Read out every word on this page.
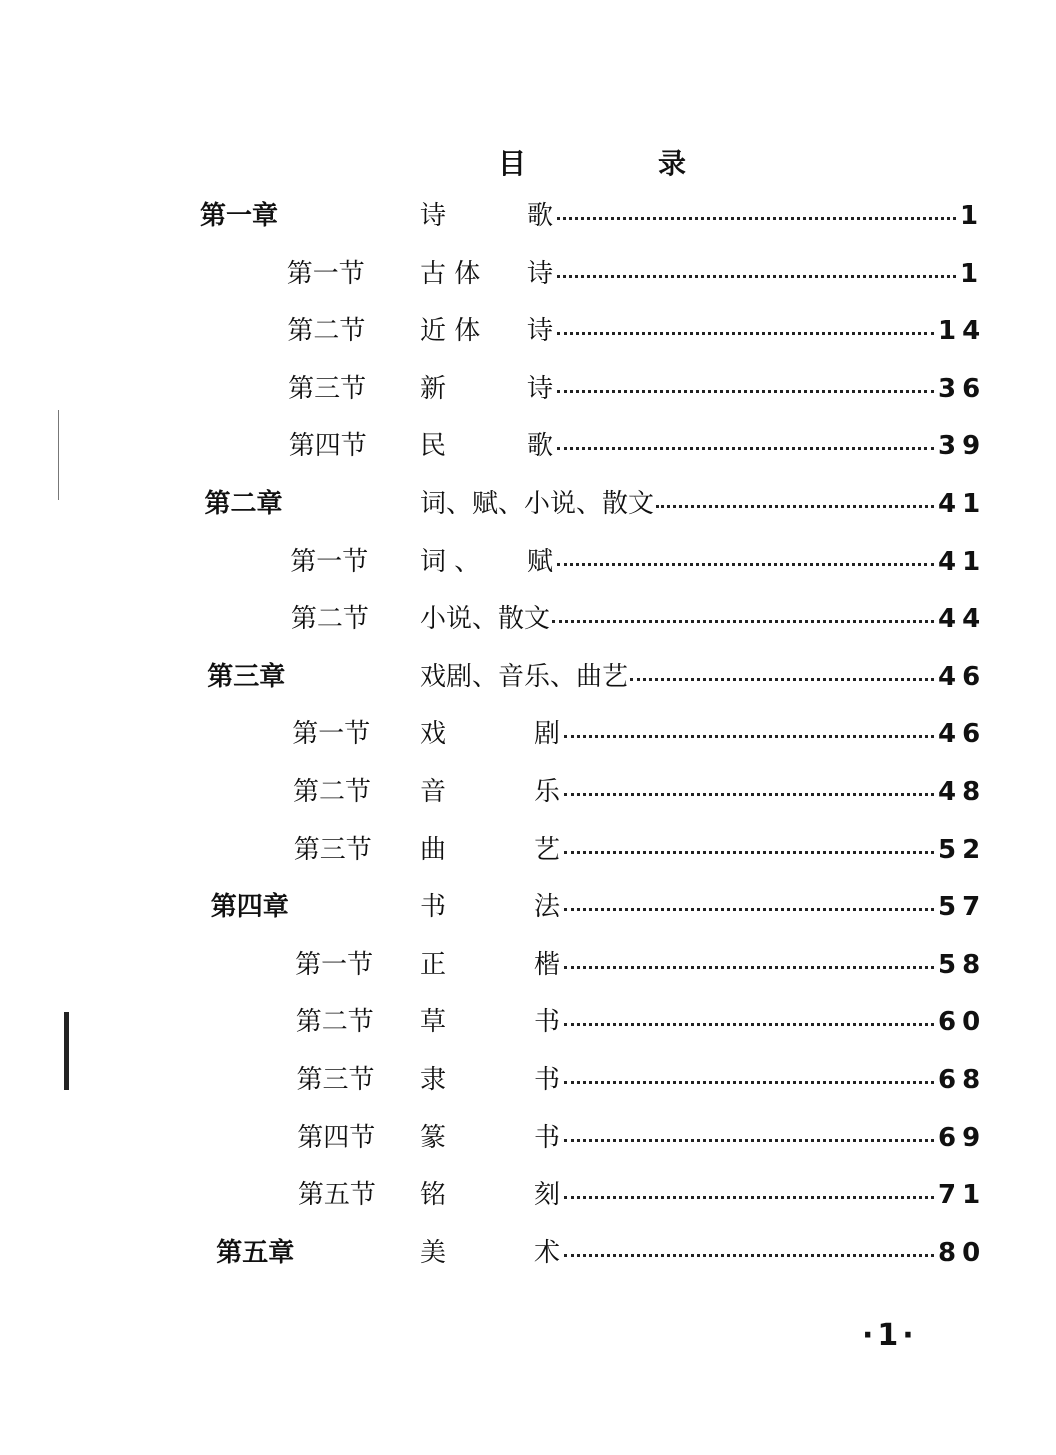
目	录
第一章	诗	歌	1
第一节 古 体 诗	1
第二节 近 体 诗	14
第三节 新	诗	36
第四节 民	歌	39
第二章	词、赋、小说、散文	41
第一节 词 、 赋	41
第二节 小说、散文	44
第三章	戏剧、音乐、曲艺	46
第一节 戏	剧	46
第二节 音	乐	48
第三节 曲	艺	52
第四章	书	法	57
第一节 正	楷	58
第二节 草	书	60
第三节 隶	书	68
第四节 篆	书	69
第五节 铭	刻	71
第五章	美	术	80
·1·
